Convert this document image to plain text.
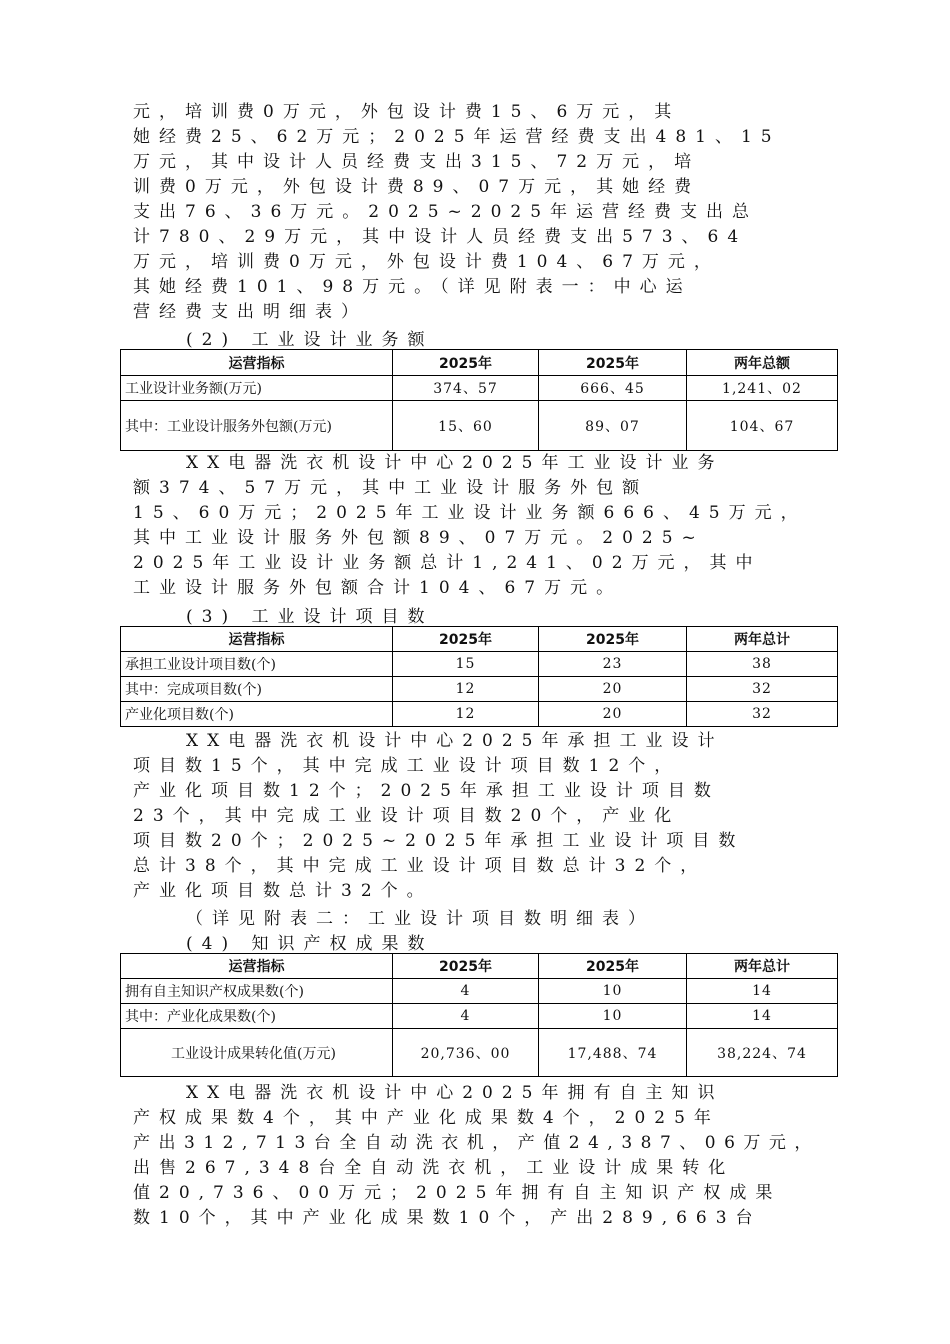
元，培训费0万元，外包设计费15、6万元，其
她经费25、62万元；2025年运营经费支出481、15
万元，其中设计人员经费支出315、72万元，培
训费0万元，外包设计费89、07万元，其她经费
支出76、36万元。2025~2025年运营经费支出总
计780、29万元，其中设计人员经费支出573、64
万元，培训费0万元，外包设计费104、67万元，
其她经费101、98万元。（详见附表一：中心运
营经费支出明细表）

(2) 工业设计业务额

运营指标	2025年	2025年	两年总额
工业设计业务额(万元)	374、57	666、45	1,241、02
其中：工业设计服务外包额(万元)	15、60	89、07	104、67
XX电器洗衣机设计中心2025年工业设计业务
额374、57万元，其中工业设计服务外包额
15、60万元；2025年工业设计业务额666、45万元，
其中工业设计服务外包额89、07万元。2025~
2025年工业设计业务额总计1,241、02万元，其中
工业设计服务外包额合计104、67万元。

(3) 工业设计项目数

运营指标	2025年	2025年	两年总计
承担工业设计项目数(个)	15	23	38
其中：完成项目数(个)	12	20	32
产业化项目数(个)	12	20	32
XX电器洗衣机设计中心2025年承担工业设计
项目数15个，其中完成工业设计项目数12个，
产业化项目数12个；2025年承担工业设计项目数
23个，其中完成工业设计项目数20个，产业化
项目数20个；2025~2025年承担工业设计项目数
总计38个，其中完成工业设计项目数总计32个，
产业化项目数总计32个。

（详见附表二：工业设计项目数明细表）

(4) 知识产权成果数

运营指标	2025年	2025年	两年总计
拥有自主知识产权成果数(个)	4	10	14
其中：产业化成果数(个)	4	10	14
工业设计成果转化值(万元)	20,736、00	17,488、74	38,224、74
XX电器洗衣机设计中心2025年拥有自主知识
产权成果数4个，其中产业化成果数4个，2025年
产出312,713台全自动洗衣机，产值24,387、06万元，
出售267,348台全自动洗衣机，工业设计成果转化
值20,736、00万元；2025年拥有自主知识产权成果
数10个，其中产业化成果数10个，产出289,663台
